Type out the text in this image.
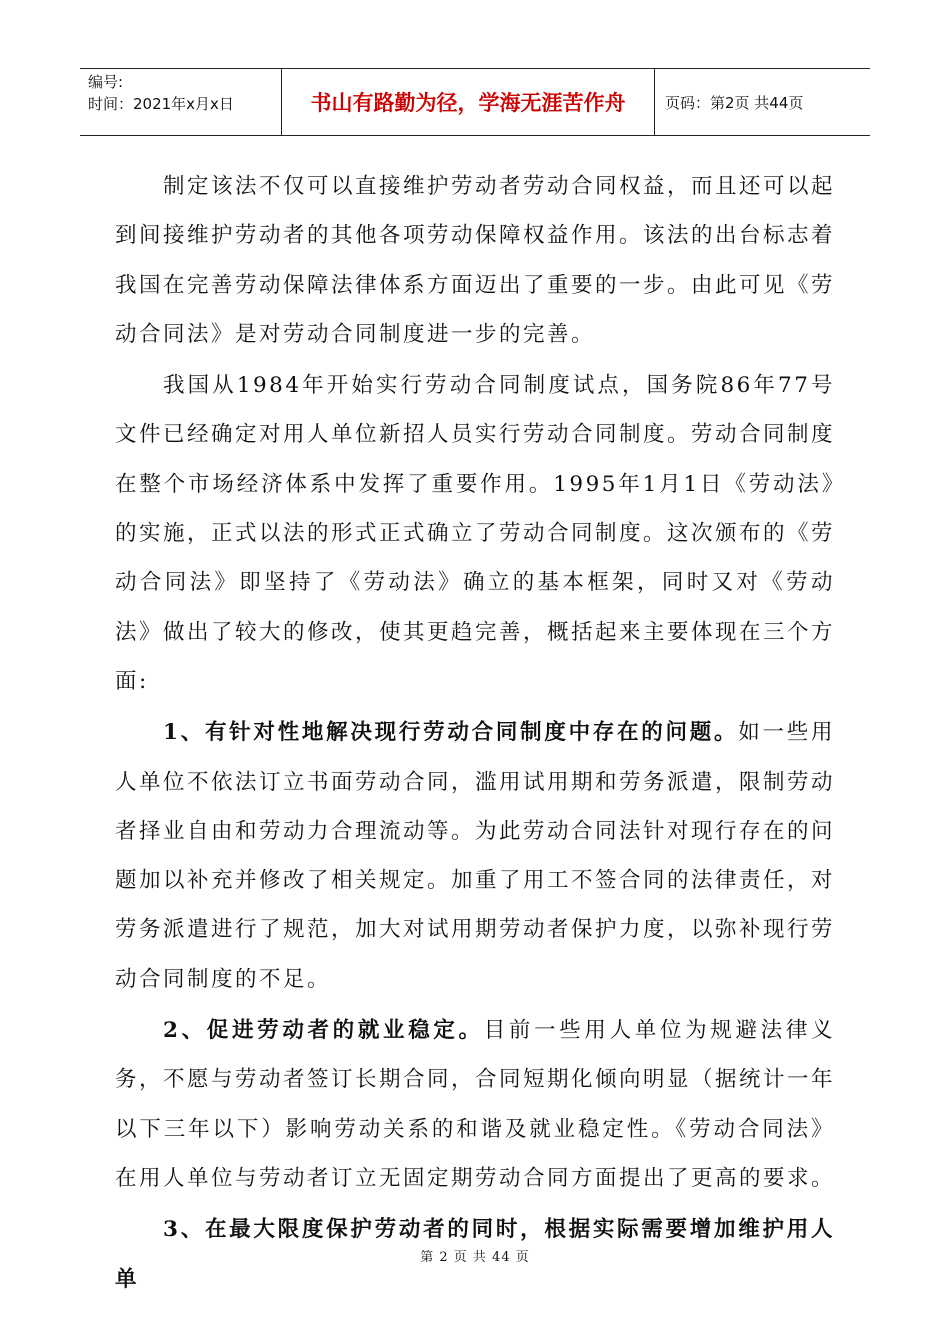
编号:
时间：2021年x月x日	书山有路勤为径，学海无涯苦作舟	页码：第2页 共44页

制定该法不仅可以直接维护劳动者劳动合同权益，而且还可以起到间接维护劳动者的其他各项劳动保障权益作用。该法的出台标志着我国在完善劳动保障法律体系方面迈出了重要的一步。由此可见《劳动合同法》是对劳动合同制度进一步的完善。

我国从1984年开始实行劳动合同制度试点，国务院86年77号文件已经确定对用人单位新招人员实行劳动合同制度。劳动合同制度在整个市场经济体系中发挥了重要作用。1995年1月1日《劳动法》的实施，正式以法的形式正式确立了劳动合同制度。这次颁布的《劳动合同法》即坚持了《劳动法》确立的基本框架，同时又对《劳动法》做出了较大的修改，使其更趋完善，概括起来主要体现在三个方面:

1、有针对性地解决现行劳动合同制度中存在的问题。如一些用人单位不依法订立书面劳动合同，滥用试用期和劳务派遣，限制劳动者择业自由和劳动力合理流动等。为此劳动合同法针对现行存在的问题加以补充并修改了相关规定。加重了用工不签合同的法律责任，对劳务派遣进行了规范，加大对试用期劳动者保护力度，以弥补现行劳动合同制度的不足。

2、促进劳动者的就业稳定。目前一些用人单位为规避法律义务，不愿与劳动者签订长期合同，合同短期化倾向明显（据统计一年以下三年以下）影响劳动关系的和谐及就业稳定性。《劳动合同法》在用人单位与劳动者订立无固定期劳动合同方面提出了更高的要求。

3、在最大限度保护劳动者的同时，根据实际需要增加维护用人单

第 2 页 共 44 页
